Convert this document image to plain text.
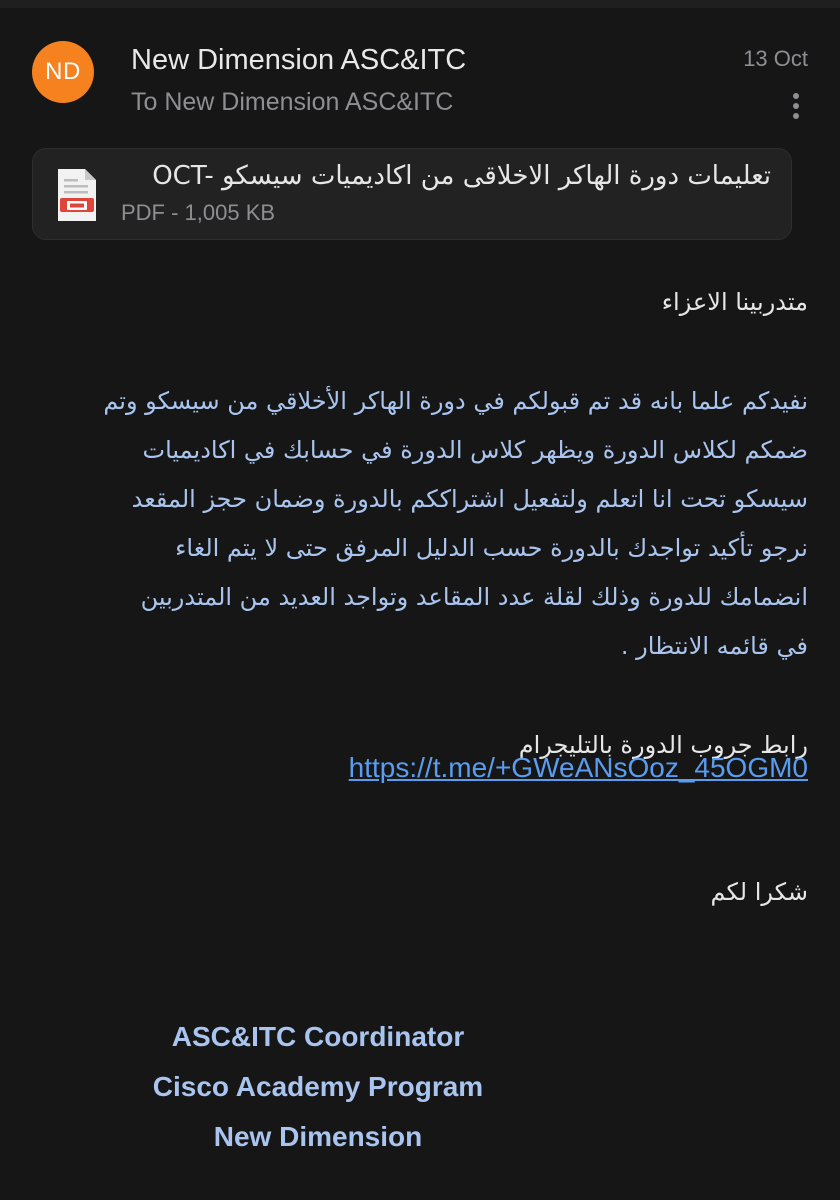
ND New Dimension ASC&ITC
To New Dimension ASC&ITC
13 Oct
OCT- تعليمات دورة الهاكر الاخلاقى من اكاديميات سيسكو
PDF - 1,005 KB
متدربينا الاعزاء
نفيدكم علما بانه قد تم قبولكم في دورة الهاكر الأخلاقي من سيسكو وتم
ضمكم لكلاس الدورة ويظهر كلاس الدورة في حسابك في اكاديميات
سيسكو تحت انا اتعلم ولتفعيل اشتراككم بالدورة وضمان حجز المقعد
نرجو تأكيد تواجدك بالدورة حسب الدليل المرفق حتى لا يتم الغاء
انضمامك للدورة وذلك لقلة عدد المقاعد وتواجد العديد من المتدربين
في قائمه الانتظار .
رابط جروب الدورة بالتليجرام
https://t.me/+GWeANsOoz_45OGM0
شكرا لكم
ASC&ITC Coordinator
Cisco Academy Program
New Dimension
